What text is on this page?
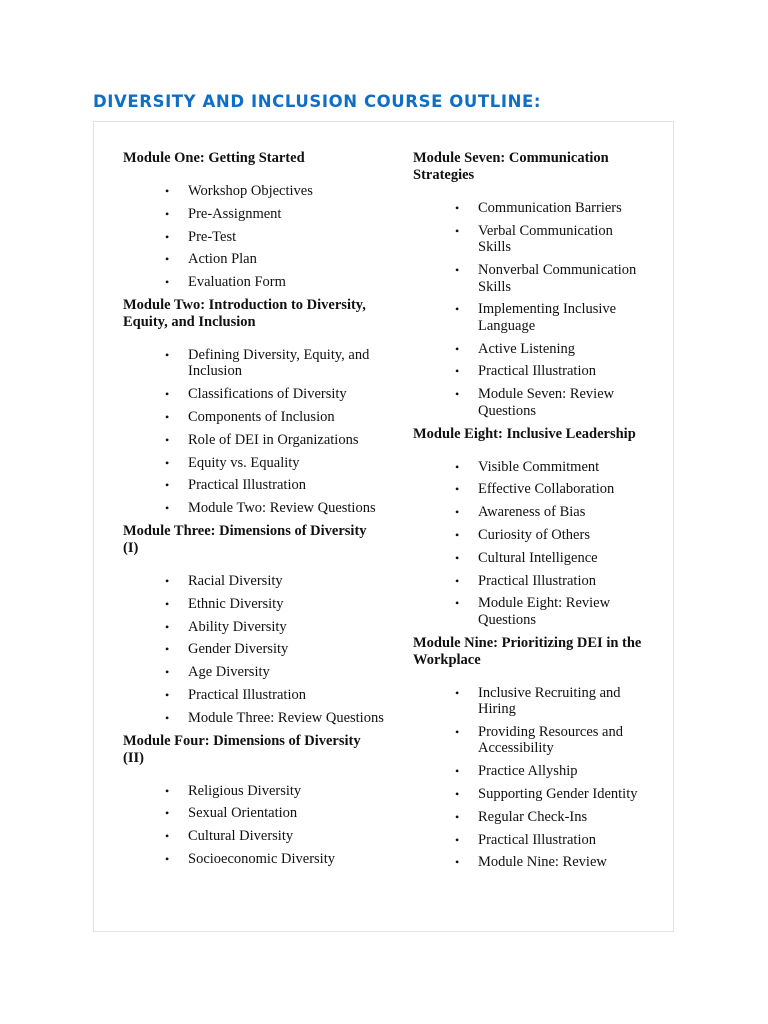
DIVERSITY AND INCLUSION COURSE OUTLINE:
Module One: Getting Started
• Workshop Objectives
• Pre-Assignment
• Pre-Test
• Action Plan
• Evaluation Form
Module Two: Introduction to Diversity, Equity, and Inclusion
• Defining Diversity, Equity, and Inclusion
• Classifications of Diversity
• Components of Inclusion
• Role of DEI in Organizations
• Equity vs. Equality
• Practical Illustration
• Module Two: Review Questions
Module Three: Dimensions of Diversity (I)
• Racial Diversity
• Ethnic Diversity
• Ability Diversity
• Gender Diversity
• Age Diversity
• Practical Illustration
• Module Three: Review Questions
Module Four: Dimensions of Diversity (II)
• Religious Diversity
• Sexual Orientation
• Cultural Diversity
• Socioeconomic Diversity
Module Seven: Communication Strategies
• Communication Barriers
• Verbal Communication Skills
• Nonverbal Communication Skills
• Implementing Inclusive Language
• Active Listening
• Practical Illustration
• Module Seven: Review Questions
Module Eight: Inclusive Leadership
• Visible Commitment
• Effective Collaboration
• Awareness of Bias
• Curiosity of Others
• Cultural Intelligence
• Practical Illustration
• Module Eight: Review Questions
Module Nine: Prioritizing DEI in the Workplace
• Inclusive Recruiting and Hiring
• Providing Resources and Accessibility
• Practice Allyship
• Supporting Gender Identity
• Regular Check-Ins
• Practical Illustration
• Module Nine: Review
